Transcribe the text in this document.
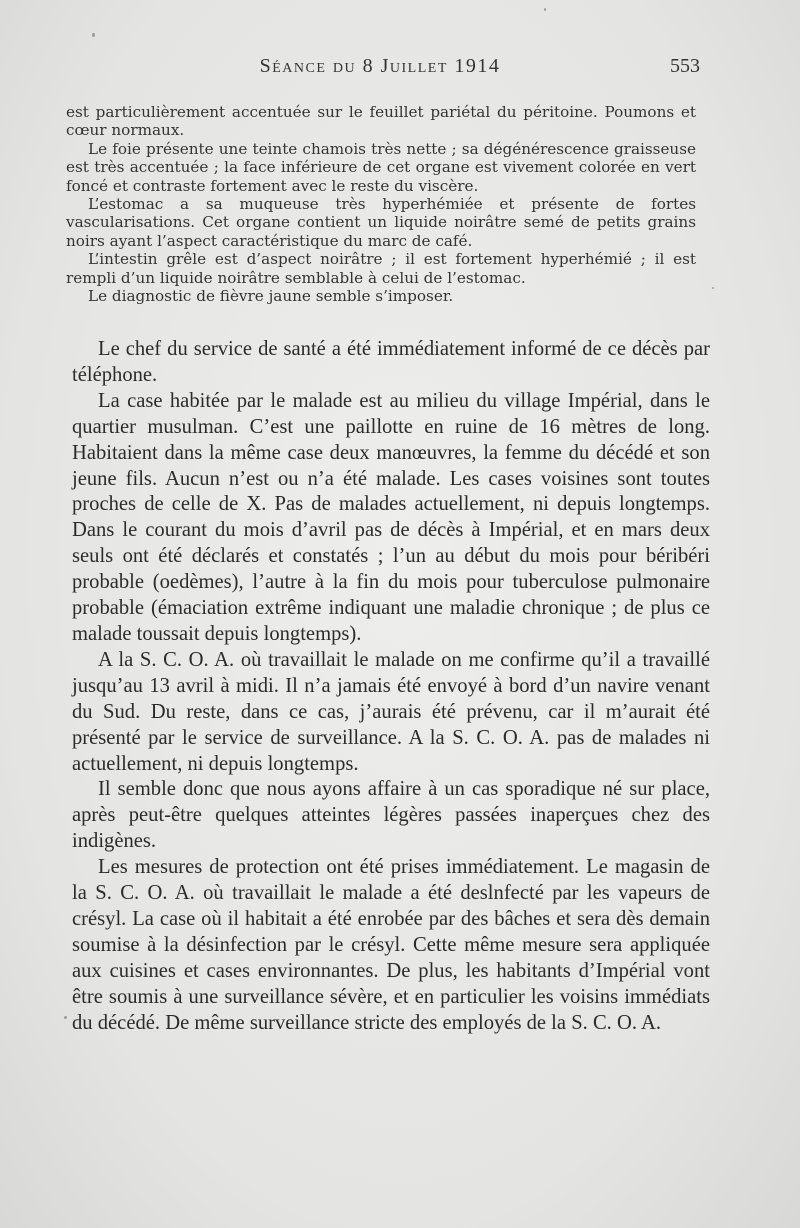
Séance du 8 Juillet 1914	553

est particulièrement accentuée sur le feuillet pariétal du péritoine. Poumons et cœur normaux.

Le foie présente une teinte chamois très nette ; sa dégénérescence graisseuse est très accentuée ; la face inférieure de cet organe est vivement colorée en vert foncé et contraste fortement avec le reste du viscère.

L’estomac a sa muqueuse très hyperhémiée et présente de fortes vascularisations. Cet organe contient un liquide noirâtre semé de petits grains noirs ayant l’aspect caractéristique du marc de café.

L’intestin grêle est d’aspect noirâtre ; il est fortement hyperhémié ; il est rempli d’un liquide noirâtre semblable à celui de l’estomac.

Le diagnostic de fièvre jaune semble s’imposer.

Le chef du service de santé a été immédiatement informé de ce décès par téléphone.

La case habitée par le malade est au milieu du village Impérial, dans le quartier musulman. C’est une paillotte en ruine de 16 mètres de long. Habitaient dans la même case deux manœuvres, la femme du décédé et son jeune fils. Aucun n’est ou n’a été malade. Les cases voisines sont toutes proches de celle de X. Pas de malades actuellement, ni depuis longtemps. Dans le courant du mois d’avril pas de décès à Impérial, et en mars deux seuls ont été déclarés et constatés ; l’un au début du mois pour béribéri probable (oedèmes), l’autre à la fin du mois pour tuberculose pulmonaire probable (émaciation extrême indiquant une maladie chronique ; de plus ce malade toussait depuis longtemps).

A la S. C. O. A. où travaillait le malade on me confirme qu’il a travaillé jusqu’au 13 avril à midi. Il n’a jamais été envoyé à bord d’un navire venant du Sud. Du reste, dans ce cas, j’aurais été prévenu, car il m’aurait été présenté par le service de surveillance. A la S. C. O. A. pas de malades ni actuellement, ni depuis longtemps.

Il semble donc que nous ayons affaire à un cas sporadique né sur place, après peut-être quelques atteintes légères passées inaperçues chez des indigènes.

Les mesures de protection ont été prises immédiatement. Le magasin de la S. C. O. A. où travaillait le malade a été deslnfecté par les vapeurs de crésyl. La case où il habitait a été enrobée par des bâches et sera dès demain soumise à la désinfection par le crésyl. Cette même mesure sera appliquée aux cuisines et cases environnantes. De plus, les habitants d’Impérial vont être soumis à une surveillance sévère, et en particulier les voisins immédiats du décédé. De même surveillance stricte des employés de la S. C. O. A.
